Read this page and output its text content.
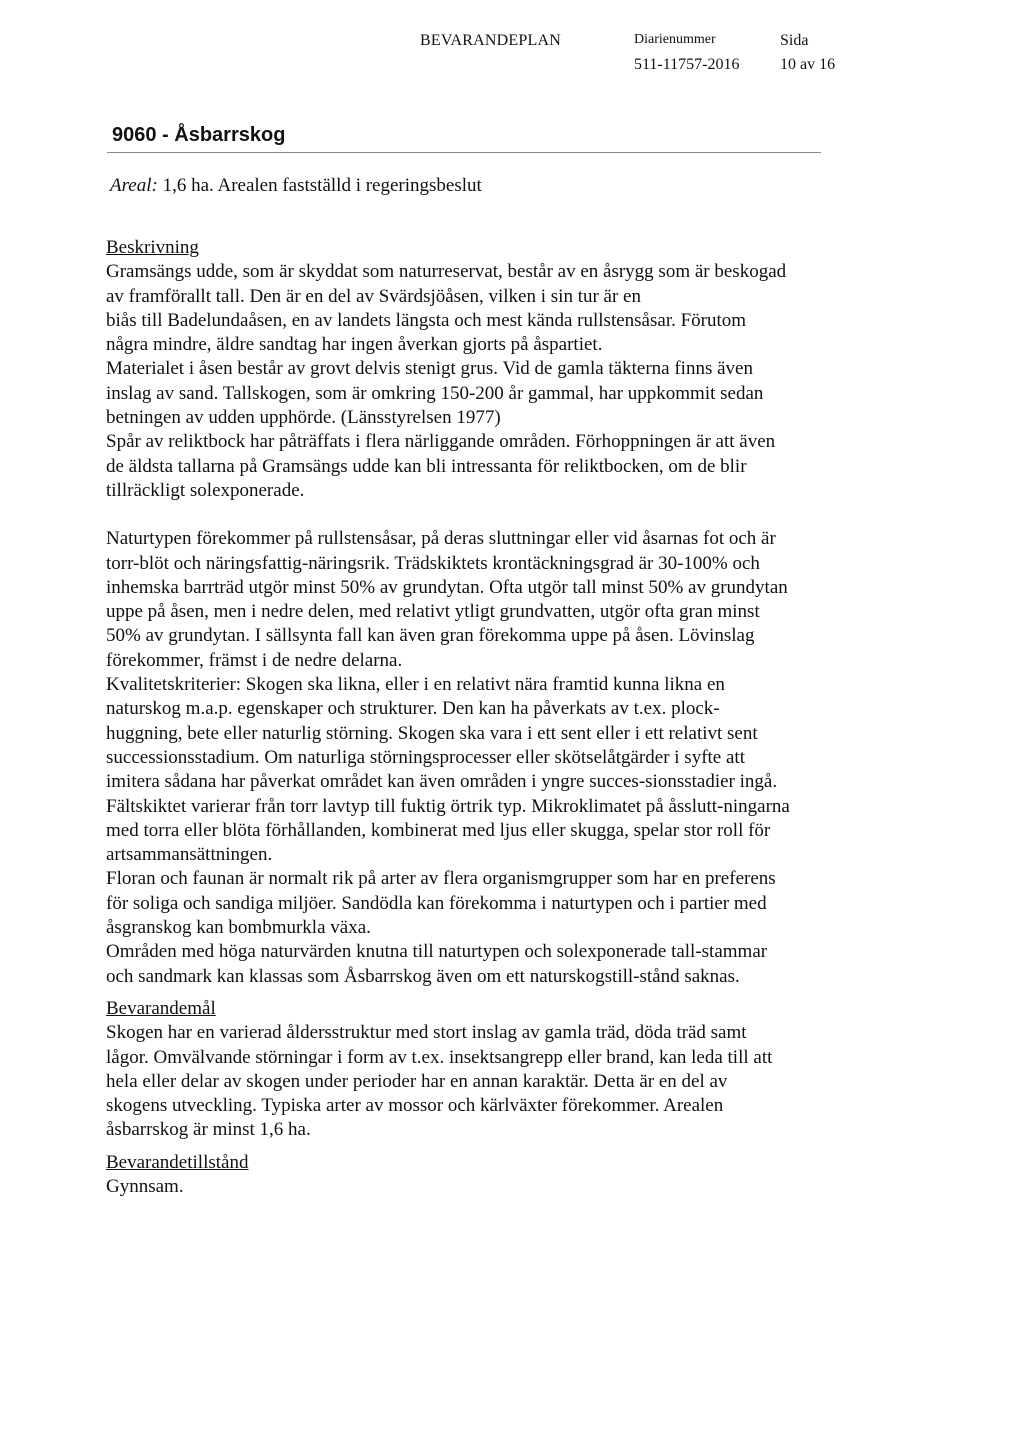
BEVARANDEPLAN	Diarienummer
511-11757-2016
Sida
10 av 16
9060 - Åsbarrskog
Areal: 1,6 ha. Arealen fastställd i regeringsbeslut
Beskrivning
Gramsängs udde, som är skyddat som naturreservat, består av en åsrygg som är beskogad
av framförallt tall. Den är en del av Svärdsjöåsen, vilken i sin tur är en
biås till Badelundaåsen, en av landets längsta och mest kända rullstensåsar. Förutom
några mindre, äldre sandtag har ingen åverkan gjorts på åspartiet.
Materialet i åsen består av grovt delvis stenigt grus. Vid de gamla täkterna finns även
inslag av sand. Tallskogen, som är omkring 150-200 år gammal, har uppkommit sedan
betningen av udden upphörde. (Länsstyrelsen 1977)
Spår av reliktbock har påträffats i flera närliggande områden. Förhoppningen är att även
de äldsta tallarna på Gramsängs udde kan bli intressanta för reliktbocken, om de blir
tillräckligt solexponerade.
Naturtypen förekommer på rullstensåsar, på deras sluttningar eller vid åsarnas fot och är
torr-blöt och näringsfattig-näringsrik. Trädskiktets krontäckningsgrad är 30-100% och
inhemska barrträd utgör minst 50% av grundytan. Ofta utgör tall minst 50% av grundytan
uppe på åsen, men i nedre delen, med relativt ytligt grundvatten, utgör ofta gran minst
50% av grundytan. I sällsynta fall kan även gran förekomma uppe på åsen. Lövinslag
förekommer, främst i de nedre delarna.
Kvalitetskriterier: Skogen ska likna, eller i en relativt nära framtid kunna likna en
naturskog m.a.p. egenskaper och strukturer. Den kan ha påverkats av t.ex. plock-
huggning, bete eller naturlig störning. Skogen ska vara i ett sent eller i ett relativt sent
successionsstadium. Om naturliga störningsprocesser eller skötselåtgärder i syfte att
imitera sådana har påverkat området kan även områden i yngre succes-sionsstadier ingå.
Fältskiktet varierar från torr lavtyp till fuktig örtrik typ. Mikroklimatet på åsslutt-ningarna
med torra eller blöta förhållanden, kombinerat med ljus eller skugga, spelar stor roll för
artsammansättningen.
Floran och faunan är normalt rik på arter av flera organismgrupper som har en preferens
för soliga och sandiga miljöer. Sandödla kan förekomma i naturtypen och i partier med
åsgranskog kan bombmurkla växa.
Områden med höga naturvärden knutna till naturtypen och solexponerade tall-stammar
och sandmark kan klassas som Åsbarrskog även om ett naturskogstill-stånd saknas.
Bevarandemål
Skogen har en varierad åldersstruktur med stort inslag av gamla träd, döda träd samt
lågor. Omvälvande störningar i form av t.ex. insektsangrepp eller brand, kan leda till att
hela eller delar av skogen under perioder har en annan karaktär. Detta är en del av
skogens utveckling. Typiska arter av mossor och kärlväxter förekommer. Arealen
åsbarrskog är minst 1,6 ha.
Bevarandetillstånd
Gynnsam.
